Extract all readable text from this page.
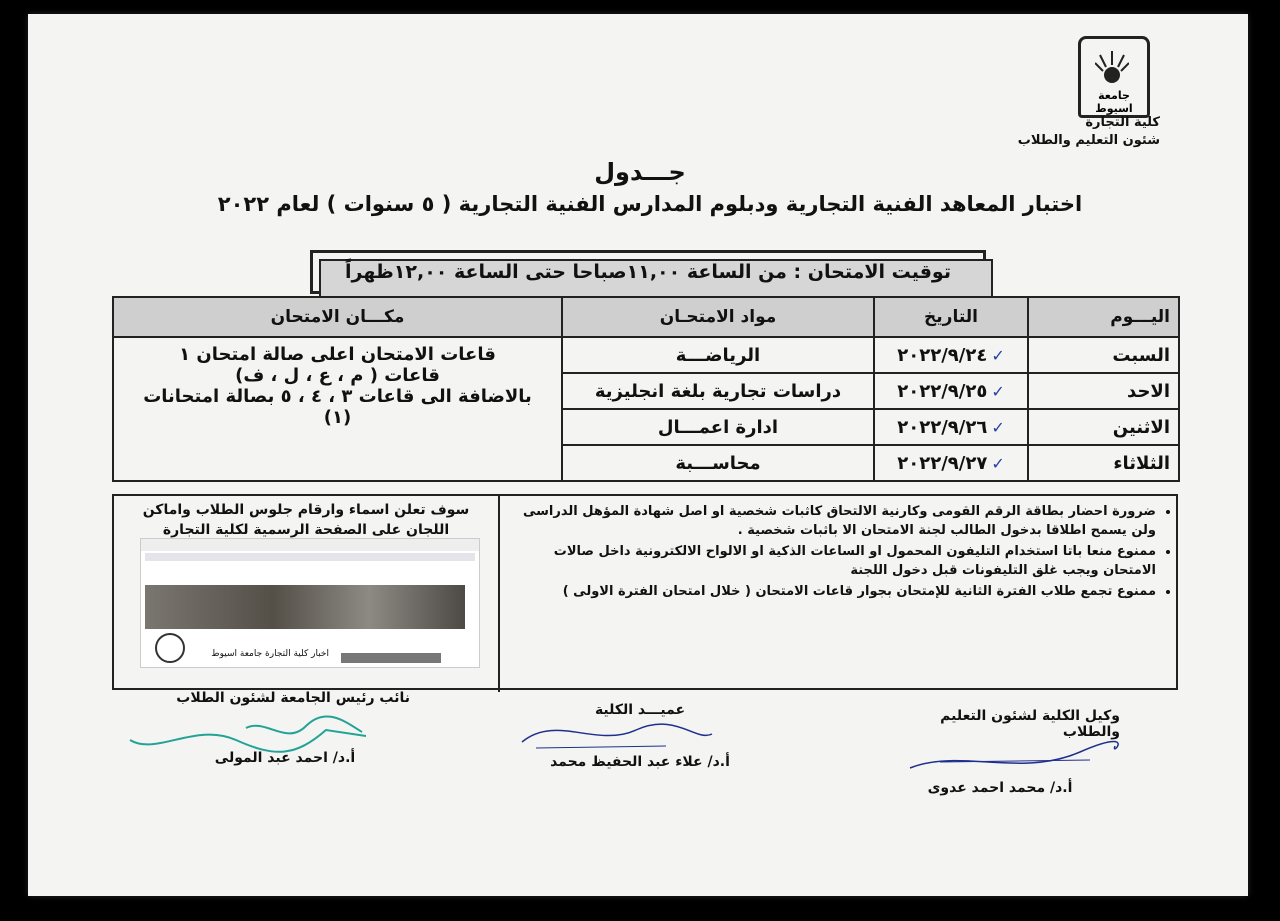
جامعة اسيوط
كلية التجارة
شئون التعليم والطلاب
جـــدول
اختبار المعاهد الفنية التجارية ودبلوم المدارس الفنية التجارية ( ٥ سنوات ) لعام ٢٠٢٢
توقيت الامتحان : من الساعة ١١,٠٠صباحا حتى الساعة ١٢,٠٠ظهراً
اليـــوم	التاريخ	مواد الامتحـان	مكـــان الامتحان
السبت	✓٢٠٢٢/٩/٢٤	الرياضـــة	قاعات الامتحان اعلى صالة امتحان ١
قاعات ( م ، ع ، ل ، ف)
بالاضافة الى قاعات ٣ ، ٤ ، ٥ بصالة امتحانات (١)

الاحد	✓٢٠٢٢/٩/٢٥	دراسات تجارية بلغة انجليزية	
الاثنين	✓٢٠٢٢/٩/٢٦	ادارة اعمـــال	
الثلاثاء	✓٢٠٢٢/٩/٢٧	محاســـبة	
• ضرورة احضار بطاقة الرقم القومى وكارنية الالتحاق كاثبات شخصية او اصل شهادة المؤهل الدراسى ولن يسمح اطلاقا بدخول الطالب لجنة الامتحان الا باثبات شخصية .
• ممنوع منعا باتا استخدام التليفون المحمول او الساعات الذكية او الالواح الالكترونية داخل صالات الامتحان ويجب غلق التليفونات قبل دخول اللجنة
• ممنوع تجمع طلاب الفترة الثانية للإمتحان بجوار قاعات الامتحان ( خلال امتحان الفترة الاولى )
سوف تعلن اسماء وارقام جلوس الطلاب واماكن اللجان على الصفحة الرسمية لكلية التجارة
اخبار كلية التجارة جامعة اسيوط
وكيل الكلية لشئون التعليم والطلاب
أ.د/ محمد احمد عدوى
عميـــد الكلية
أ.د/ علاء عبد الحفيظ محمد
نائب رئيس الجامعة لشئون الطلاب
أ.د/ احمد عبد المولى
